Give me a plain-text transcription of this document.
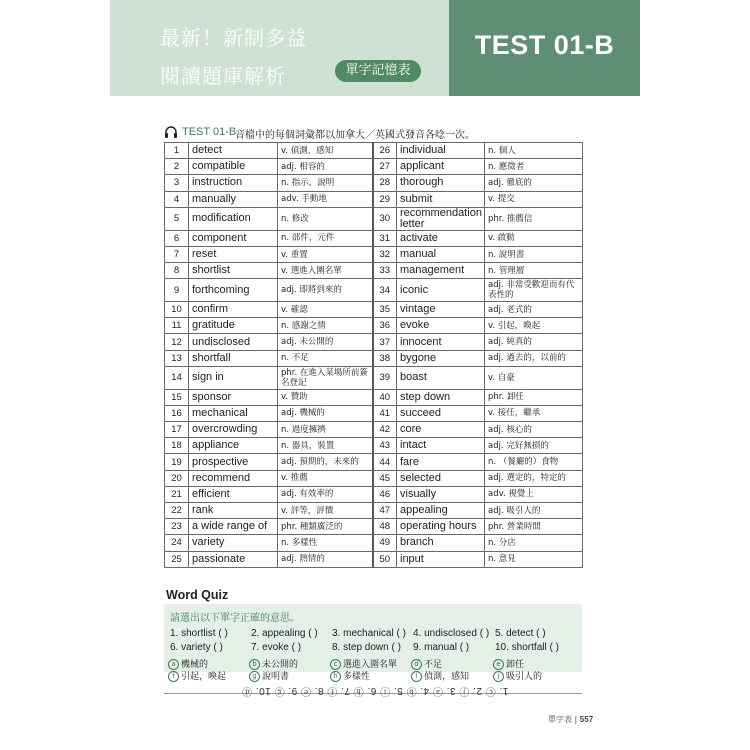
最新！新制多益
閱讀題庫解析	單字記憶表
TEST 01-B
TEST 01-B
音檔中的每個詞彙都以加拿大／英國式發音各唸一次。
1	detect	v. 偵測，感知	26	individual	n. 個人
2	compatible	adj. 相容的	27	applicant	n. 應徵者
3	instruction	n. 指示，說明	28	thorough	adj. 徹底的
4	manually	adv. 手動地	29	submit	v. 提交
5	modification	n. 修改	30	recommendation letter	phr. 推薦信
6	component	n. 部件，元件	31	activate	v. 啟動
7	reset	v. 重置	32	manual	n. 說明書
8	shortlist	v. 選進入圍名單	33	management	n. 管理層
9	forthcoming	adj. 即將到來的	34	iconic	adj. 非常受歡迎而有代表性的
10	confirm	v. 確認	35	vintage	adj. 老式的
11	gratitude	n. 感謝之情	36	evoke	v. 引起，喚起
12	undisclosed	adj. 未公開的	37	innocent	adj. 純真的
13	shortfall	n. 不足	38	bygone	adj. 過去的，以前的
14	sign in	phr. 在進入某場所前簽名登記	39	boast	v. 自豪
15	sponsor	v. 贊助	40	step down	phr. 卸任
16	mechanical	adj. 機械的	41	succeed	v. 接任，繼承
17	overcrowding	n. 過度擁擠	42	core	adj. 核心的
18	appliance	n. 器具，裝置	43	intact	adj. 完好無損的
19	prospective	adj. 預期的，未來的	44	fare	n. （餐廳的）食物
20	recommend	v. 推薦	45	selected	adj. 選定的，特定的
21	efficient	adj. 有效率的	46	visually	adv. 視覺上
22	rank	v. 評等，評價	47	appealing	adj. 吸引人的
23	a wide range of	phr. 種類廣泛的	48	operating hours	phr. 營業時間
24	variety	n. 多樣性	49	branch	n. 分店
25	passionate	adj. 熱情的	50	input	n. 意見
Word Quiz
請選出以下單字正確的意思。
1. shortlist ( ) 2. appealing ( ) 3. mechanical ( ) 4. undisclosed ( ) 5. detect ( )
6. variety ( )	7. evoke ( )	8. step down ( ) 9. manual ( )	10. shortfall ( )
a 機械的	b 未公開的	c 選進入圍名單	d 不足	e 卸任
f 引起，喚起	g 說明書	h 多樣性	i 偵測，感知	j 吸引人的
1. ⓒ 2. ⓙ 3. ⓐ 4. ⓑ 5. ⓘ 6. ⓗ 7. ⓕ 8. ⓔ 9. ⓖ 10. ⓓ
單字表 | 557
